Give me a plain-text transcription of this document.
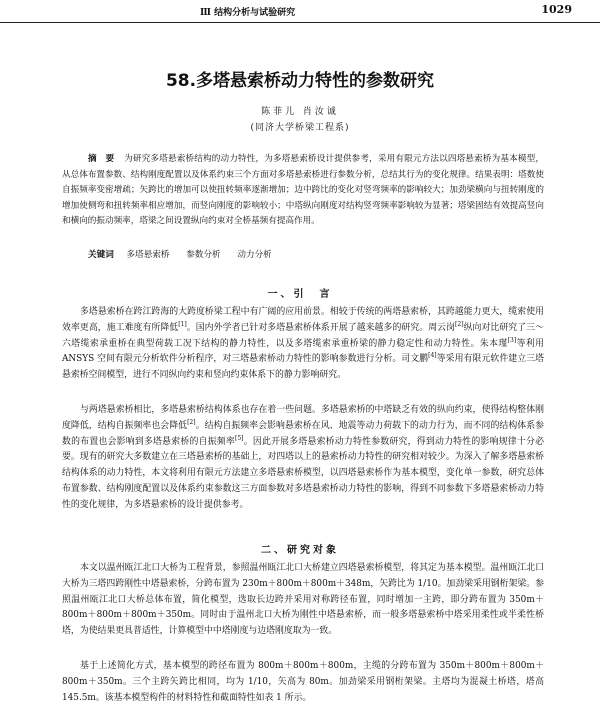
Ⅲ 结构分析与试验研究	1029
58.多塔悬索桥动力特性的参数研究
陈菲儿 肖汝诚
(同济大学桥梁工程系)
摘　要 为研究多塔悬索桥结构的动力特性，为多塔悬索桥设计提供参考，采用有限元方法以四塔悬索桥为基本模型，从总体布置参数、结构刚度配置以及体系约束三个方面对多塔悬索桥进行参数分析，总结其行为的变化规律。结果表明：塔数使自振频率变密增疏；矢跨比的增加可以使扭转频率逐渐增加；边中跨比的变化对竖弯频率的影响较大；加劲梁横向与扭转刚度的增加使侧弯和扭转频率相应增加，而竖向刚度的影响较小；中塔纵向刚度对结构竖弯频率影响较为显著；塔梁固结有效提高竖向和横向的振动频率，塔梁之间设置纵向约束对全桥基频有提高作用。
关键词 多塔悬索桥 参数分析 动力分析
一、引　言
多塔悬索桥在跨江跨海的大跨度桥梁工程中有广阔的应用前景。相较于传统的两塔悬索桥，其跨越能力更大，缆索使用效率更高，施工难度有所降低[1]。国内外学者已针对多塔悬索桥体系开展了越来越多的研究。周云岗[2]纵向对比研究了三～六塔缆索承重桥在典型荷载工况下结构的静力特性，以及多塔缆索承重桥梁的静力稳定性和动力特性。朱本瑾[3]等利用 ANSYS 空间有限元分析软件分析程序，对三塔悬索桥动力特性的影响参数进行分析。司文鹏[4]等采用有限元软件建立三塔悬索桥空间模型，进行不同纵向约束和竖向约束体系下的静力影响研究。
与两塔悬索桥相比，多塔悬索桥结构体系也存在着一些问题。多塔悬索桥的中塔缺乏有效的纵向约束，使得结构整体刚度降低，结构自振频率也会降低[2]。结构自振频率会影响悬索桥在风、地震等动力荷载下的动力行为，而不同的结构体系参数的布置也会影响到多塔悬索桥的自振频率[5]。因此开展多塔悬索桥动力特性参数研究，得到动力特性的影响规律十分必要。现有的研究大多数建立在三塔悬索桥的基础上，对四塔以上的悬索桥动力特性的研究相对较少。为深入了解多塔悬索桥结构体系的动力特性，本文将利用有限元方法建立多塔悬索桥模型，以四塔悬索桥作为基本模型，变化单一参数，研究总体布置参数、结构刚度配置以及体系约束参数这三方面参数对多塔悬索桥动力特性的影响，得到不同参数下多塔悬索桥动力特性的变化规律，为多塔悬索桥的设计提供参考。
二、研究对象
本文以温州瓯江北口大桥为工程背景，参照温州瓯江北口大桥建立四塔悬索桥模型，将其定为基本模型。温州瓯江北口大桥为三塔四跨刚性中塔悬索桥，分跨布置为 230m＋800m＋800m＋348m，矢跨比为 1/10。加劲梁采用钢桁架梁。参照温州瓯江北口大桥总体布置，简化模型，选取长边跨并采用对称跨径布置，同时增加一主跨，即分跨布置为 350m＋800m＋800m＋800m＋350m。同时由于温州北口大桥为刚性中塔悬索桥，而一般多塔悬索桥中塔采用柔性或半柔性桥塔，为使结果更具普适性，计算模型中中塔刚度与边塔刚度取为一致。
基于上述简化方式，基本模型的跨径布置为 800m＋800m＋800m，主缆的分跨布置为 350m＋800m＋800m＋800m＋350m。三个主跨矢跨比相同，均为 1/10，矢高为 80m。加劲梁采用钢桁架梁。主塔均为混凝土桥塔，塔高 145.5m。该基本模型构件的材料特性和截面特性如表 1 所示。
